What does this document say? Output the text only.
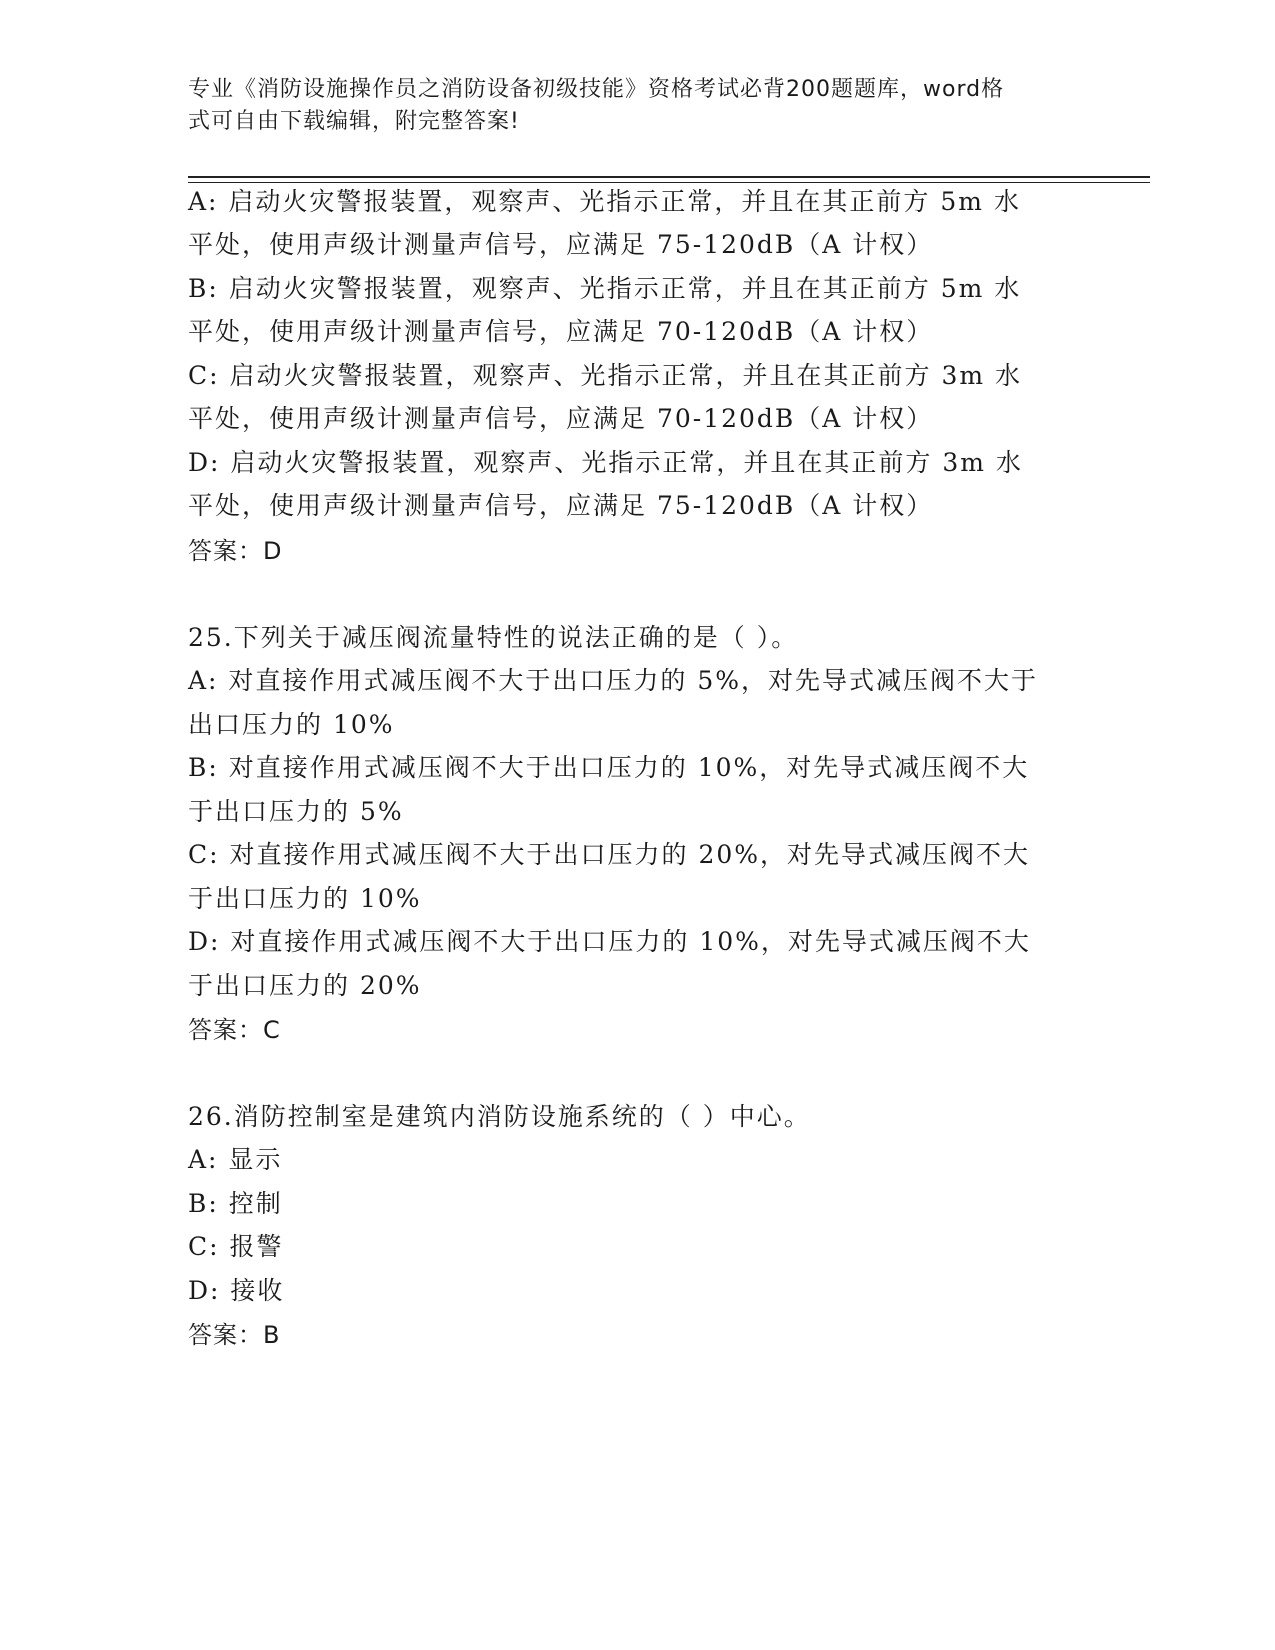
专业《消防设施操作员之消防设备初级技能》资格考试必背200题题库，word格
式可自由下载编辑，附完整答案!
A: 启动火灾警报装置，观察声、光指示正常，并且在其正前方 5m 水
平处，使用声级计测量声信号，应满足 75-120dB（A 计权）
B: 启动火灾警报装置，观察声、光指示正常，并且在其正前方 5m 水
平处，使用声级计测量声信号，应满足 70-120dB（A 计权）
C: 启动火灾警报装置，观察声、光指示正常，并且在其正前方 3m 水
平处，使用声级计测量声信号，应满足 70-120dB（A 计权）
D: 启动火灾警报装置，观察声、光指示正常，并且在其正前方 3m 水
平处，使用声级计测量声信号，应满足 75-120dB（A 计权）
答案：D
25.下列关于减压阀流量特性的说法正确的是（ ）。
A: 对直接作用式减压阀不大于出口压力的 5%，对先导式减压阀不大于
出口压力的 10%
B: 对直接作用式减压阀不大于出口压力的 10%，对先导式减压阀不大
于出口压力的 5%
C: 对直接作用式减压阀不大于出口压力的 20%，对先导式减压阀不大
于出口压力的 10%
D: 对直接作用式减压阀不大于出口压力的 10%，对先导式减压阀不大
于出口压力的 20%
答案：C
26.消防控制室是建筑内消防设施系统的（ ）中心。
A: 显示
B: 控制
C: 报警
D: 接收
答案：B
